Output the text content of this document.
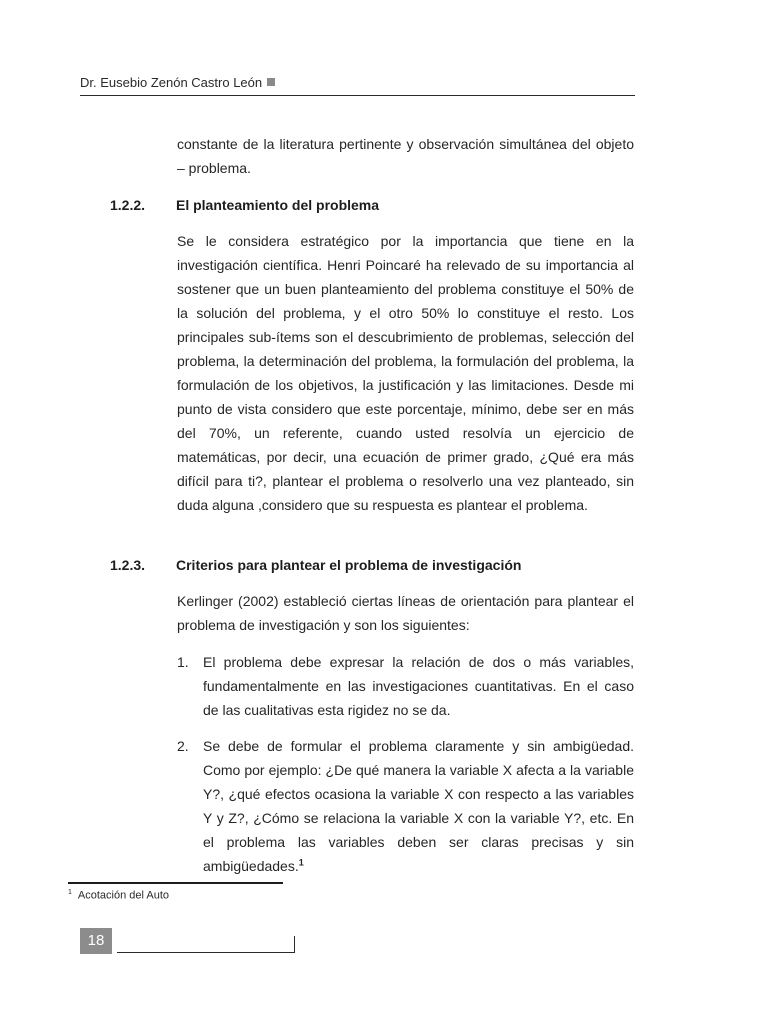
Dr. Eusebio Zenón Castro León

constante de la literatura pertinente y observación simultánea del objeto – problema.

1.2.2. El planteamiento del problema

Se le considera estratégico por la importancia que tiene en la investigación científica. Henri Poincaré ha relevado de su importancia al sostener que un buen planteamiento del problema constituye el 50% de la solución del problema, y el otro 50% lo constituye el resto. Los principales sub-ítems son el descubrimiento de problemas, selección del problema, la determinación del problema, la formulación del problema, la formulación de los objetivos, la justificación y las limitaciones. Desde mi punto de vista considero que este porcentaje, mínimo, debe ser en más del 70%, un referente, cuando usted resolvía un ejercicio de matemáticas, por decir, una ecuación de primer grado, ¿Qué era más difícil para ti?, plantear el problema o resolverlo una vez planteado, sin duda alguna ,considero que su respuesta es plantear el problema.

1.2.3. Criterios para plantear el problema de investigación

Kerlinger (2002) estableció ciertas líneas de orientación para plantear el problema de investigación y son los siguientes:

1. El problema debe expresar la relación de dos o más variables, fundamentalmente en las investigaciones cuantitativas. En el caso de las cualitativas esta rigidez no se da.

2. Se debe de formular el problema claramente y sin ambigüedad. Como por ejemplo: ¿De qué manera la variable X afecta a la variable Y?, ¿qué efectos ocasiona la variable X con respecto a las variables Y y Z?, ¿Cómo se relaciona la variable X con la variable Y?, etc. En el problema las variables deben ser claras precisas y sin ambigüedades.$^1$

$^1$ Acotación del Auto
18
